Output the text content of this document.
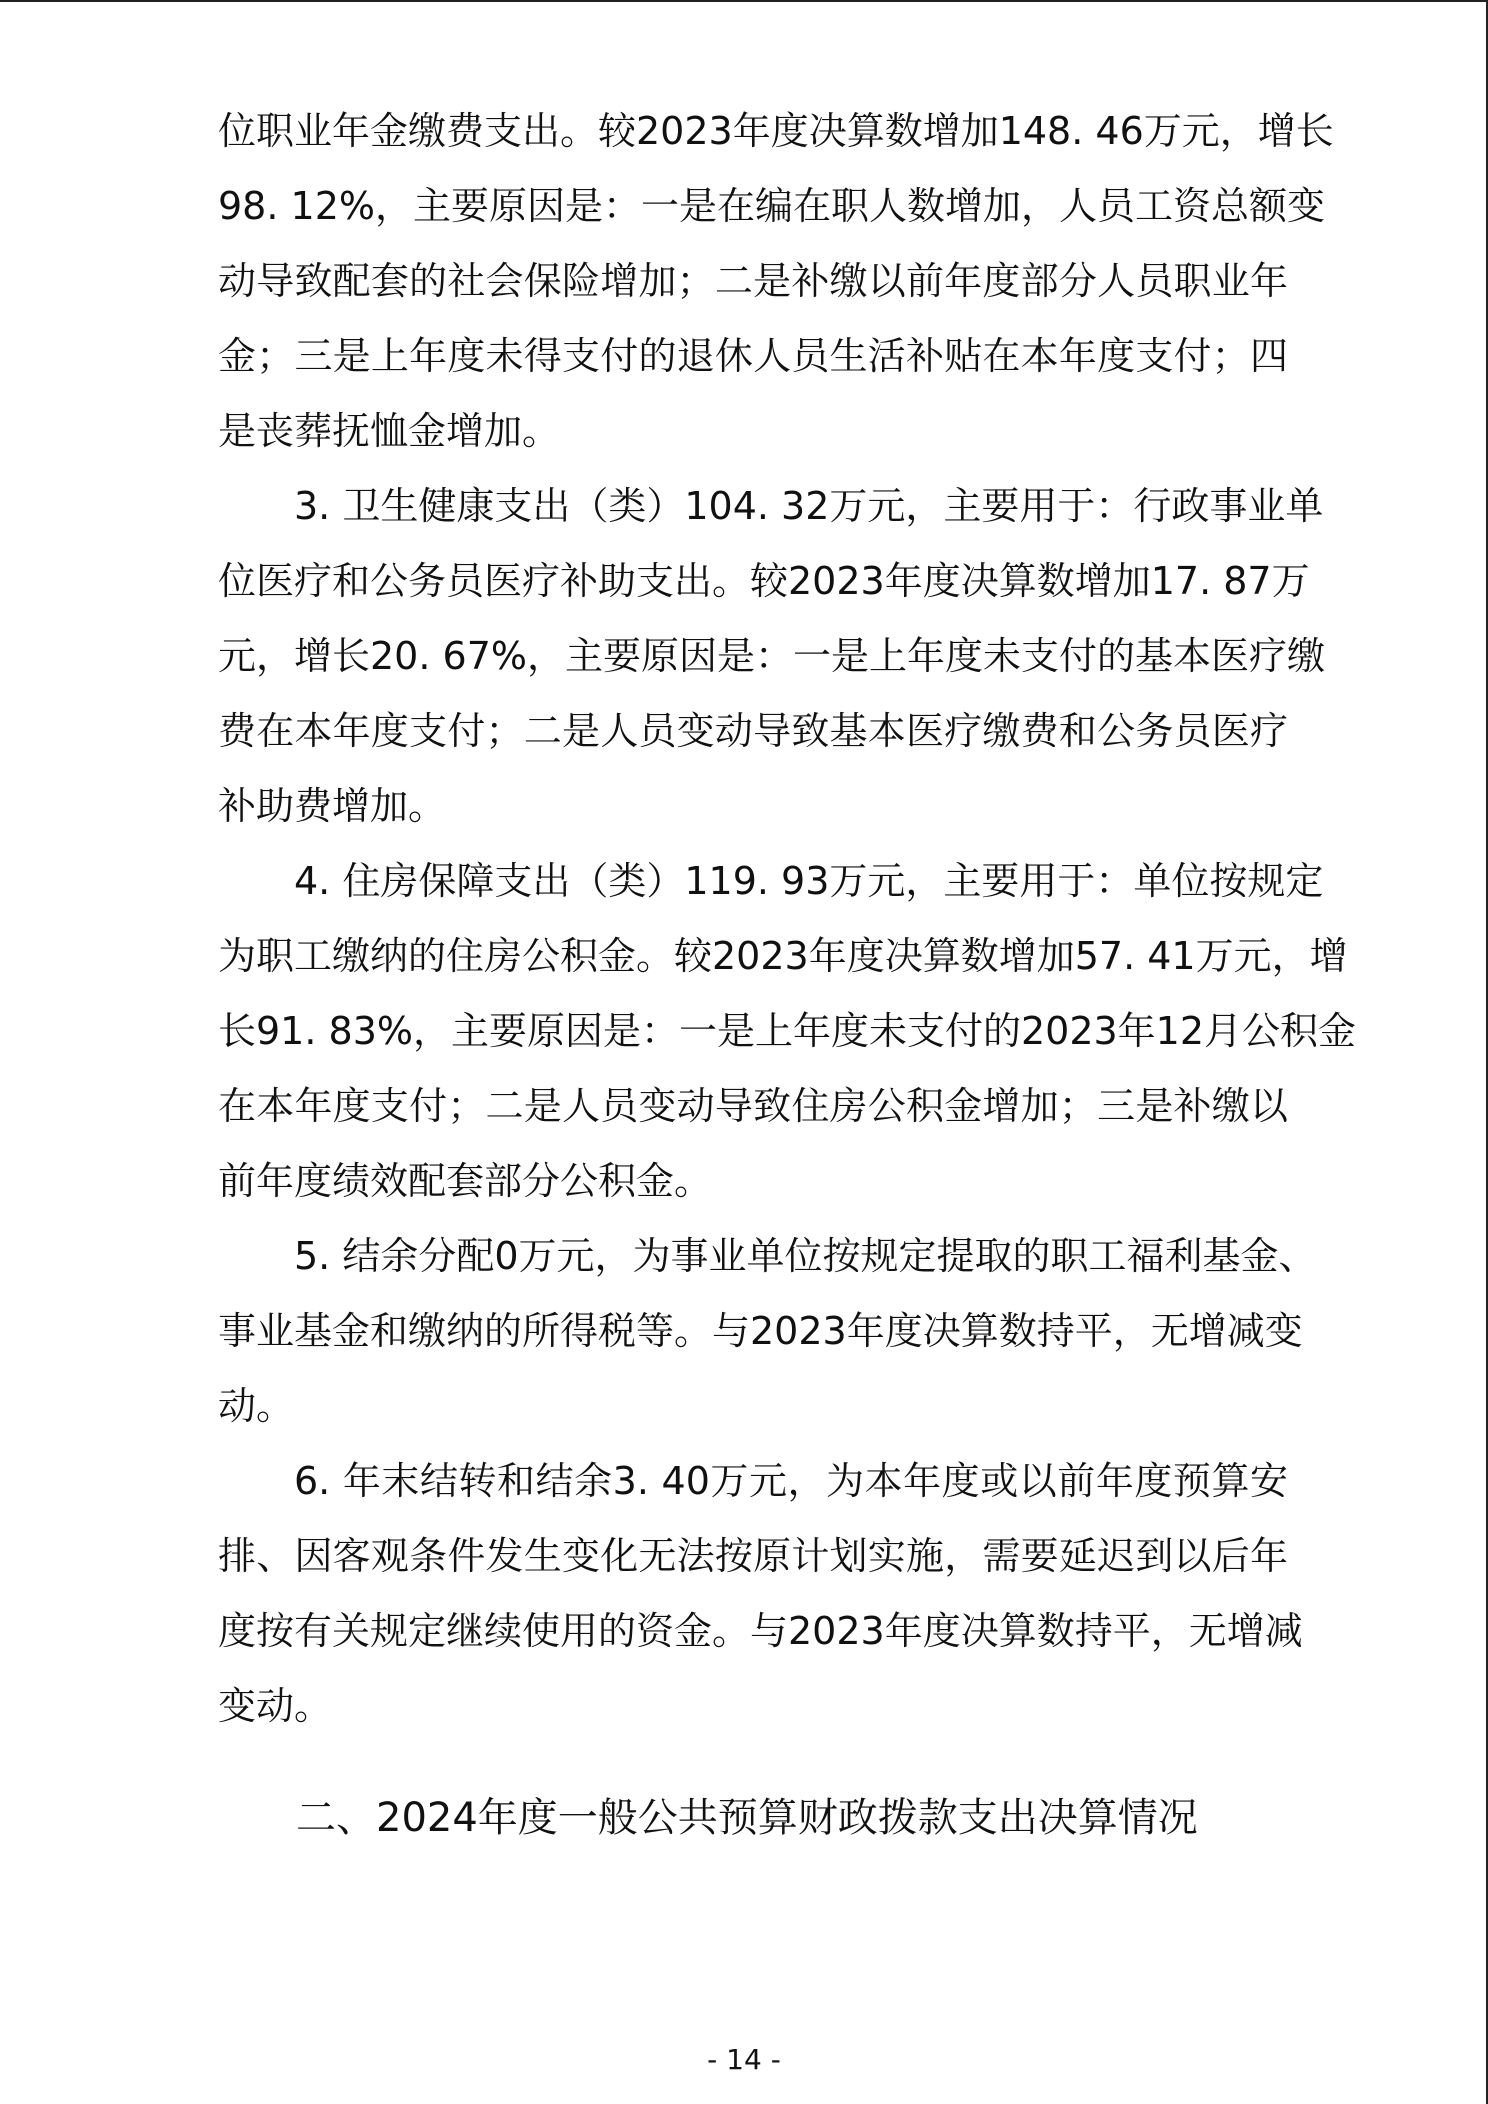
位职业年金缴费支出。较2023年度决算数增加148. 46万元，增长
98. 12%，主要原因是：一是在编在职人数增加，人员工资总额变
动导致配套的社会保险增加；二是补缴以前年度部分人员职业年
金；三是上年度未得支付的退休人员生活补贴在本年度支付；四
是丧葬抚恤金增加。
3. 卫生健康支出（类）104. 32万元，主要用于：行政事业单
位医疗和公务员医疗补助支出。较2023年度决算数增加17. 87万
元，增长20. 67%，主要原因是：一是上年度未支付的基本医疗缴
费在本年度支付；二是人员变动导致基本医疗缴费和公务员医疗
补助费增加。
4. 住房保障支出（类）119. 93万元，主要用于：单位按规定
为职工缴纳的住房公积金。较2023年度决算数增加57. 41万元，增
长91. 83%，主要原因是：一是上年度未支付的2023年12月公积金
在本年度支付；二是人员变动导致住房公积金增加；三是补缴以
前年度绩效配套部分公积金。
5. 结余分配0万元，为事业单位按规定提取的职工福利基金、
事业基金和缴纳的所得税等。与2023年度决算数持平，无增减变
动。
6. 年末结转和结余3. 40万元，为本年度或以前年度预算安
排、因客观条件发生变化无法按原计划实施，需要延迟到以后年
度按有关规定继续使用的资金。与2023年度决算数持平，无增减
变动。
二、2024年度一般公共预算财政拨款支出决算情况
- 14 -
